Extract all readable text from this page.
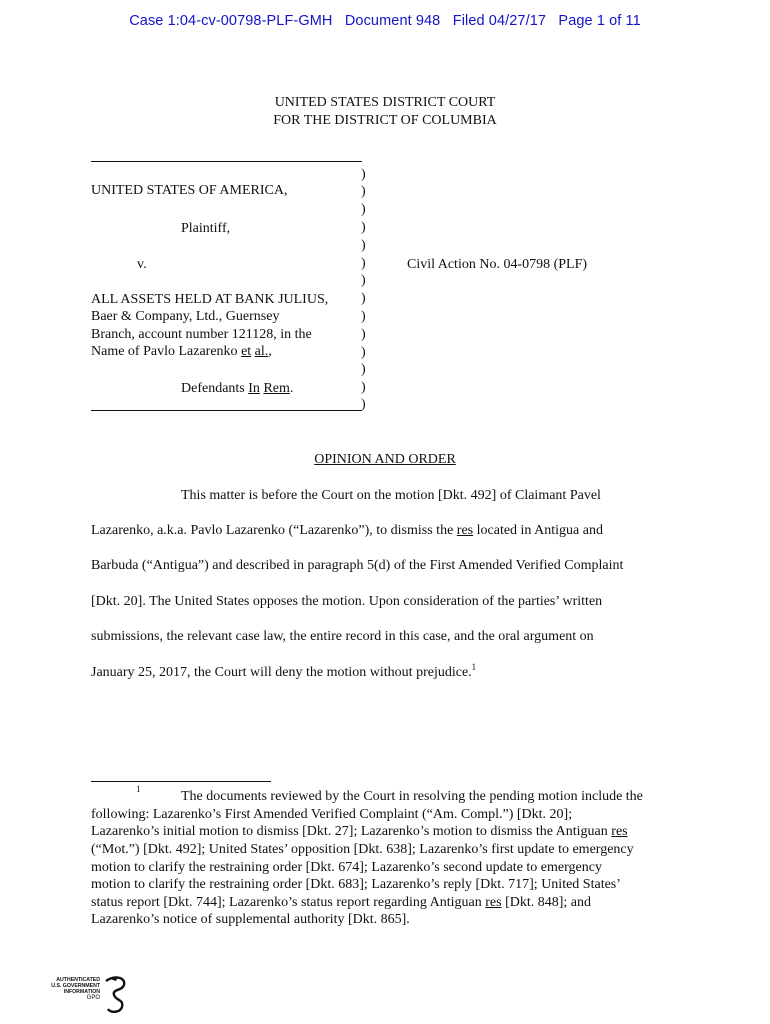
Case 1:04-cv-00798-PLF-GMH   Document 948   Filed 04/27/17   Page 1 of 11
UNITED STATES DISTRICT COURT
FOR THE DISTRICT OF COLUMBIA
UNITED STATES OF AMERICA,
Plaintiff,
v.
ALL ASSETS HELD AT BANK JULIUS,
Baer & Company, Ltd., Guernsey
Branch, account number 121128, in the
Name of Pavlo Lazarenko et al.,
Defendants In Rem.
)
)
)
)
)
)
)
)
)
)
)
)
)
)
Civil Action No. 04-0798 (PLF)
OPINION AND ORDER
This matter is before the Court on the motion [Dkt. 492] of Claimant Pavel
Lazarenko, a.k.a. Pavlo Lazarenko (“Lazarenko”), to dismiss the res located in Antigua and
Barbuda (“Antigua”) and described in paragraph 5(d) of the First Amended Verified Complaint
[Dkt. 20]. The United States opposes the motion. Upon consideration of the parties’ written
submissions, the relevant case law, the entire record in this case, and the oral argument on
January 25, 2017, the Court will deny the motion without prejudice.$^1$
$^1$	The documents reviewed by the Court in resolving the pending motion include the
following: Lazarenko’s First Amended Verified Complaint (“Am. Compl.”) [Dkt. 20];
Lazarenko’s initial motion to dismiss [Dkt. 27]; Lazarenko’s motion to dismiss the Antiguan res
(“Mot.”) [Dkt. 492]; United States’ opposition [Dkt. 638]; Lazarenko’s first update to emergency
motion to clarify the restraining order [Dkt. 674]; Lazarenko’s second update to emergency
motion to clarify the restraining order [Dkt. 683]; Lazarenko’s reply [Dkt. 717]; United States’
status report [Dkt. 744]; Lazarenko’s status report regarding Antiguan res [Dkt. 848]; and
Lazarenko’s notice of supplemental authority [Dkt. 865].
AUTHENTICATED
U.S. GOVERNMENT
INFORMATION
GPO
